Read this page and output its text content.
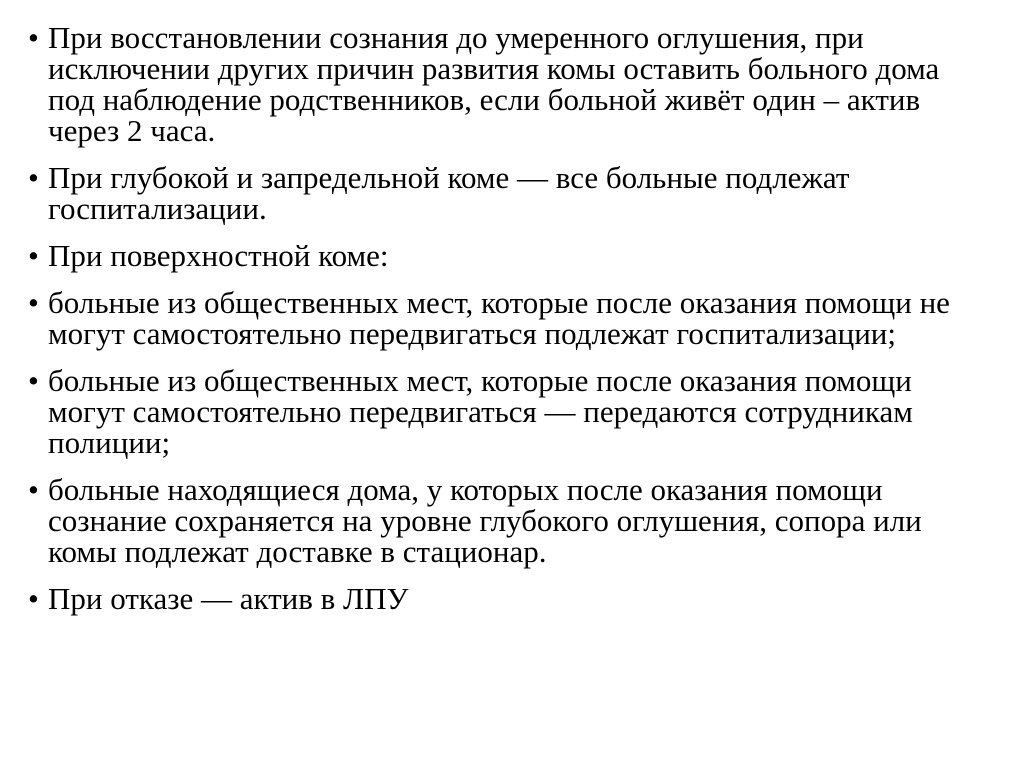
• При восстановлении сознания до умеренного оглушения, при исключении других причин развития комы оставить больного дома под наблюдение родственников, если больной живёт один – актив через 2 часа.
• При глубокой и запредельной коме — все больные подлежат госпитализации.
• При поверхностной коме:
• больные из общественных мест, которые после оказания помощи не могут самостоятельно передвигаться подлежат госпитализации;
• больные из общественных мест, которые после оказания помощи могут самостоятельно передвигаться — передаются сотрудникам полиции;
• больные находящиеся дома, у которых после оказания помощи сознание сохраняется на уровне глубокого оглушения, сопора или комы подлежат доставке в стационар.
• При отказе — актив в ЛПУ
